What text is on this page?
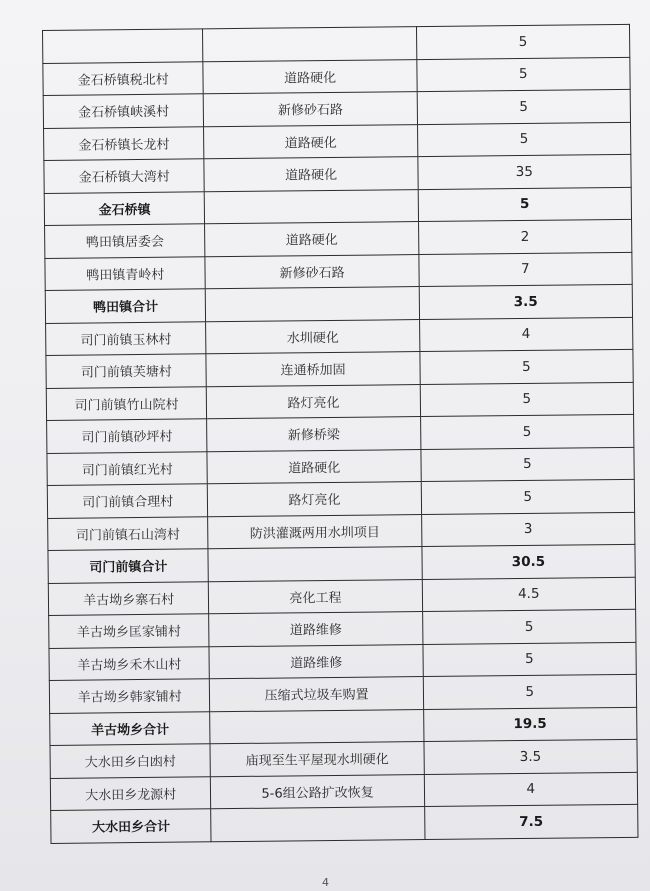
		5
金石桥镇税北村	道路硬化	5
金石桥镇峡溪村	新修砂石路	5
金石桥镇长龙村	道路硬化	5
金石桥镇大湾村	道路硬化	35
金石桥镇		5
鸭田镇居委会	道路硬化	2
鸭田镇青岭村	新修砂石路	7
鸭田镇合计		3.5
司门前镇玉林村	水圳硬化	4
司门前镇芙塘村	连通桥加固	5
司门前镇竹山院村	路灯亮化	5
司门前镇砂坪村	新修桥梁	5
司门前镇红光村	道路硬化	5
司门前镇合理村	路灯亮化	5
司门前镇石山湾村	防洪灌溉两用水圳项目	3
司门前镇合计		30.5
羊古坳乡寨石村	亮化工程	4.5
羊古坳乡匡家铺村	道路维修	5
羊古坳乡禾木山村	道路维修	5
羊古坳乡韩家铺村	压缩式垃圾车购置	5
羊古坳乡合计		19.5
大水田乡白凼村	庙现至生平屋现水圳硬化	3.5
大水田乡龙源村	5-6组公路扩改恢复	4
大水田乡合计		7.5
4
